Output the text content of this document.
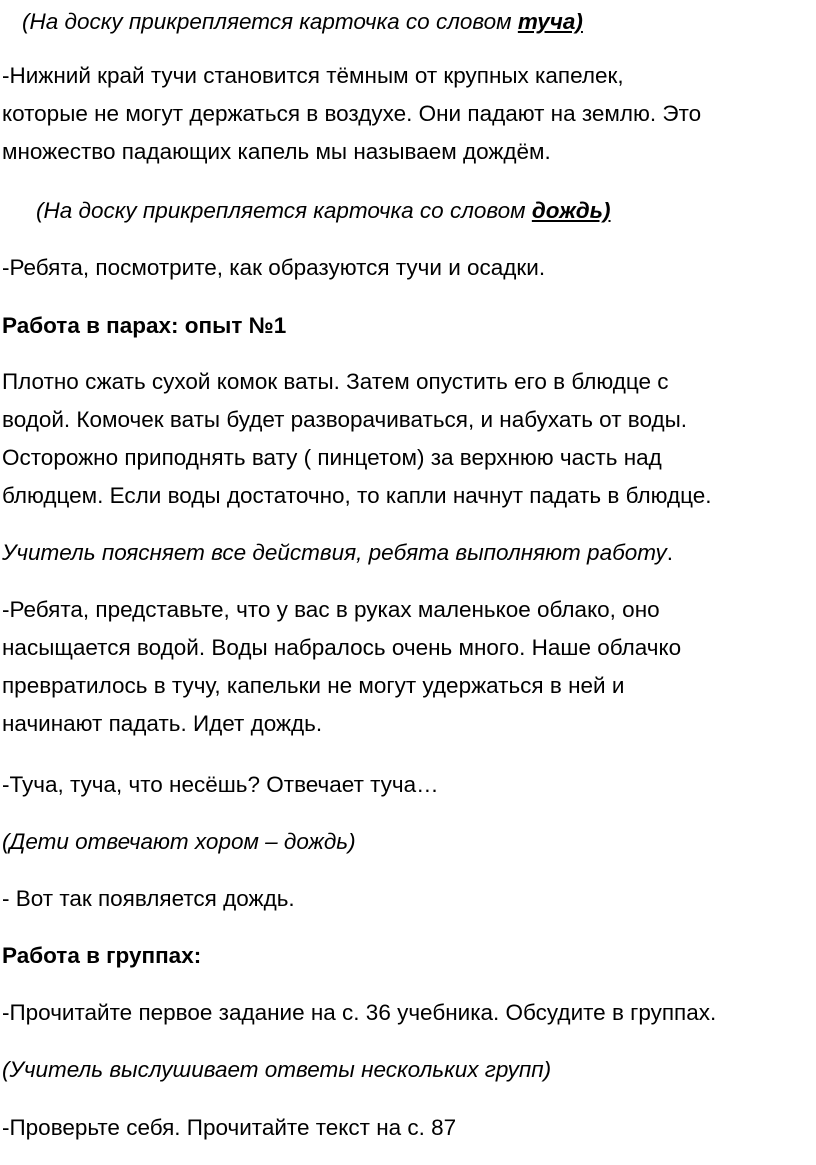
(На доску прикрепляется карточка со словом туча)

-Нижний край тучи становится тёмным от крупных капелек,

которые не могут держаться в воздухе. Они падают на землю. Это

множество падающих капель мы называем дождём.

(На доску прикрепляется карточка со словом дождь)

-Ребята, посмотрите, как образуются тучи и осадки.

Работа в парах: опыт №1

Плотно сжать сухой комок ваты. Затем опустить его в блюдце с

водой. Комочек ваты будет разворачиваться, и набухать от воды.

Осторожно приподнять вату ( пинцетом) за верхнюю часть над

блюдцем. Если воды достаточно, то капли начнут падать в блюдце.

Учитель поясняет все действия, ребята выполняют работу.

-Ребята, представьте, что у вас в руках маленькое облако, оно

насыщается водой. Воды набралось очень много. Наше облачко

превратилось в тучу, капельки не могут удержаться в ней и

начинают падать. Идет дождь.

-Туча, туча, что несёшь? Отвечает туча…

(Дети отвечают хором – дождь)

- Вот так появляется дождь.

Работа в группах:

-Прочитайте первое задание на с. 36 учебника. Обсудите в группах.

(Учитель выслушивает ответы нескольких групп)

-Проверьте себя. Прочитайте текст на с. 87
